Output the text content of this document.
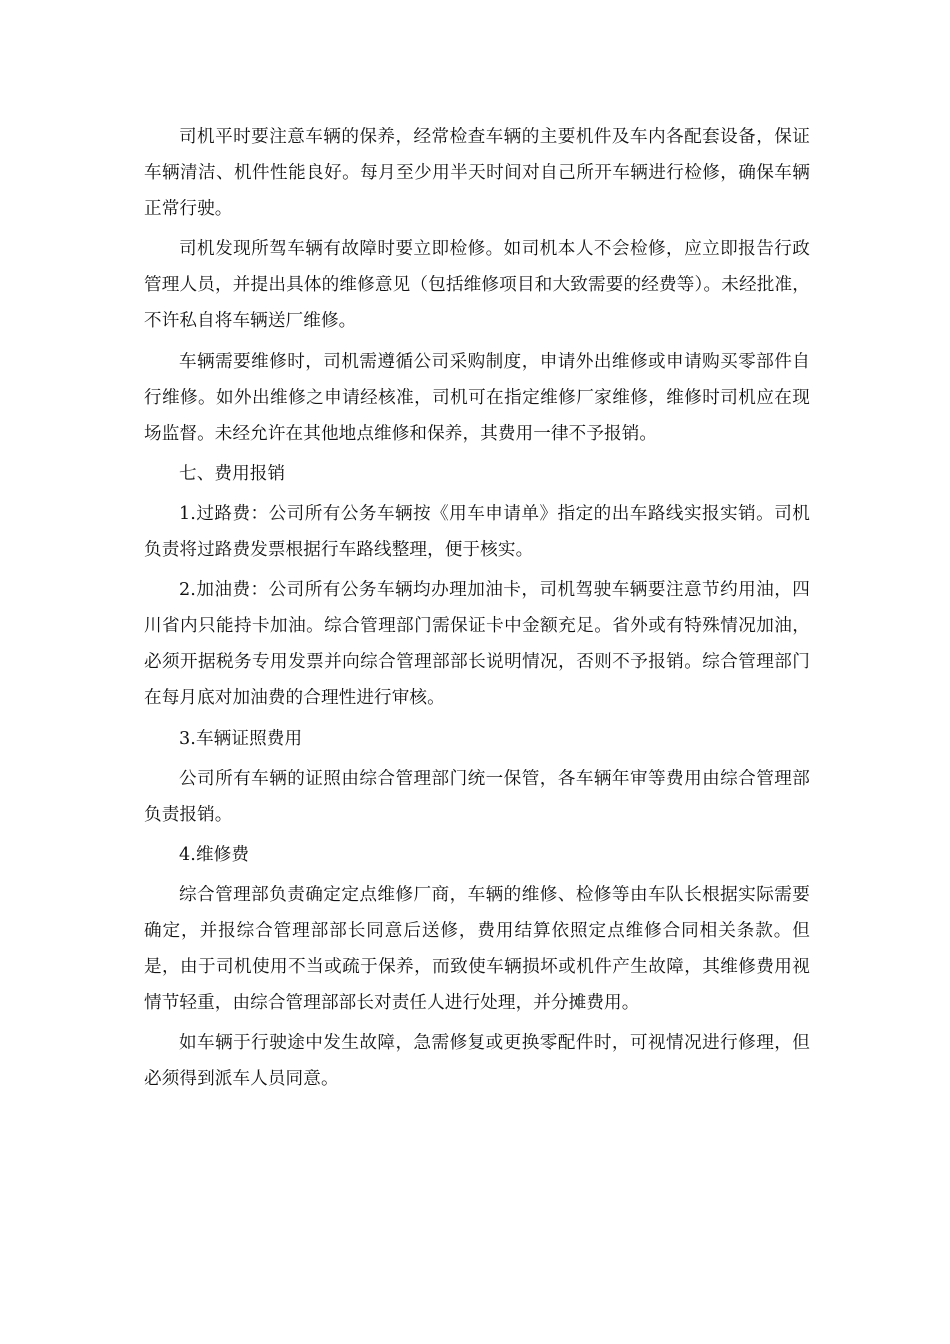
司机平时要注意车辆的保养，经常检查车辆的主要机件及车内各配套设备，保证车辆清洁、机件性能良好。每月至少用半天时间对自己所开车辆进行检修，确保车辆正常行驶。

司机发现所驾车辆有故障时要立即检修。如司机本人不会检修，应立即报告行政管理人员，并提出具体的维修意见（包括维修项目和大致需要的经费等）。未经批准，不许私自将车辆送厂维修。

车辆需要维修时，司机需遵循公司采购制度，申请外出维修或申请购买零部件自行维修。如外出维修之申请经核准，司机可在指定维修厂家维修，维修时司机应在现场监督。未经允许在其他地点维修和保养，其费用一律不予报销。

七、费用报销

1.过路费：公司所有公务车辆按《用车申请单》指定的出车路线实报实销。司机负责将过路费发票根据行车路线整理，便于核实。

2.加油费：公司所有公务车辆均办理加油卡，司机驾驶车辆要注意节约用油，四川省内只能持卡加油。综合管理部门需保证卡中金额充足。省外或有特殊情况加油，必须开据税务专用发票并向综合管理部部长说明情况，否则不予报销。综合管理部门在每月底对加油费的合理性进行审核。

3.车辆证照费用

公司所有车辆的证照由综合管理部门统一保管，各车辆年审等费用由综合管理部负责报销。

4.维修费

综合管理部负责确定定点维修厂商，车辆的维修、检修等由车队长根据实际需要确定，并报综合管理部部长同意后送修，费用结算依照定点维修合同相关条款。但是，由于司机使用不当或疏于保养，而致使车辆损坏或机件产生故障，其维修费用视情节轻重，由综合管理部部长对责任人进行处理，并分摊费用。

如车辆于行驶途中发生故障，急需修复或更换零配件时，可视情况进行修理，但必须得到派车人员同意。
